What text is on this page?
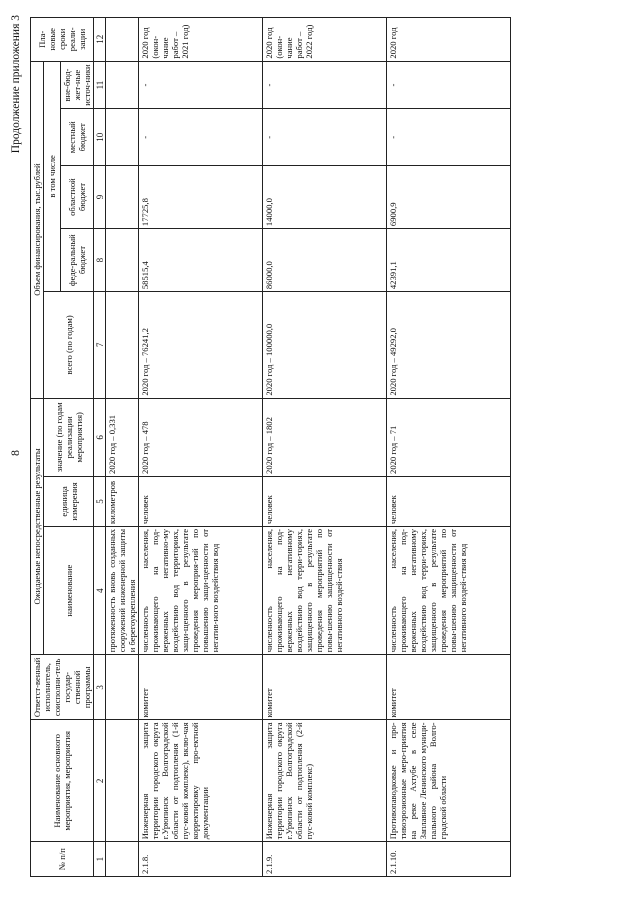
8
Продолжение приложения 3
№ п/п	Наименование основного мероприятия, мероприятия	Ответст-венный исполнитель, соисполни-тель государ-ственной программы	Ожидаемые непосредственные результаты			Объем финансирования, тыс.рублей					Пла-новые сроки реали-зации
			наименование	единица измерения	значение (по годам реализации мероприятия)	всего (по годам)	в том числе				
							феде-ральный бюджет	областной бюджет	местный бюджет	вне-бюд-жет-ные источ-ники	
1	2	3	4	5	6	7	8	9	10	11	12
			протяженность вновь созданных сооружений инженерной защиты и берегоукрепления	километров	2020 год – 0,331						
2.1.8.	Инженерная защита территории городского округа г.Урюпинск Волгоградской области от подтопления (1-й пус-ковой комплекс), вклю-чая корректировку про-ектной документации	комитет	численность населения, проживающего на под-верженных негативно-му воздействию вод территориях, защи-щенного в результате проведения мероприя-тий по повышению защи-щенности от негатив-ного воздействия вод	человек	2020 год – 478	2020 год – 76241,2	58515,4	17725,8	-	-	2020 год (окон-чание работ – 2021 год)
2.1.9.	Инженерная защита территории городского округа г.Урюпинск Волгоградской области от подтопления (2-й пус-ковой комплекс)	комитет	численность населения, проживающего на под-верженных негативному воздействию вод терри-ториях, защищенного в результате проведения мероприятий по повы-шению защищенности от негативного воздей-ствия	человек	2020 год – 1802	2020 год – 100000,0	86000,0	14000,0	-	-	2020 год (окон-чание работ – 2022 год)
2.1.10.	Противопаводковые и про-тивоэрозионные меро-приятия на реке Ахтубе в селе Заплавное Ленинского муници-пального района Волго-градской области	комитет	численность населения, проживающего на под-верженных негативному воздействию вод терри-ториях, защищенного в результате проведения мероприятий по повы-шению защищенности от негативного воздей-ствия вод	человек	2020 год – 71	2020 год – 49292,0	42391,1	6900,9	-	-	2020 год
